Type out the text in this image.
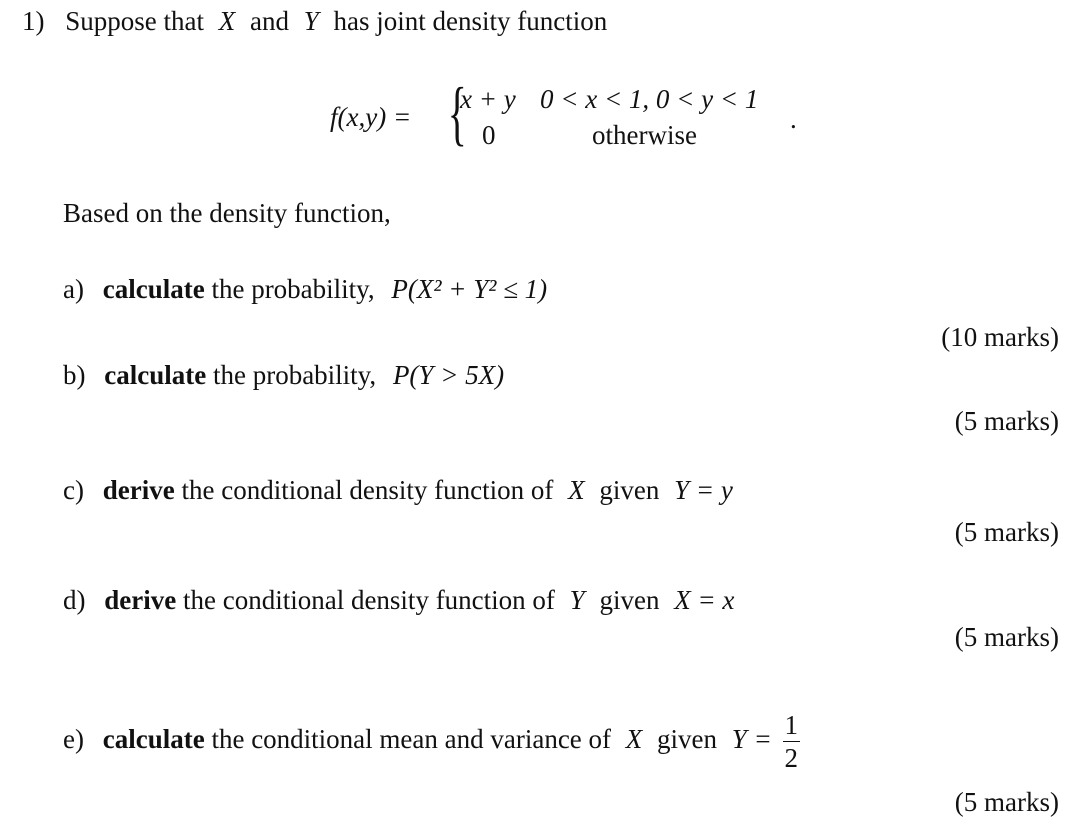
1) Suppose that X and Y has joint density function
f(x,y) = {
x + y 0 < x < 1, 0 < y < 1
0	otherwise
.
Based on the density function,
a) calculate the probability, P(X² + Y² ≤ 1)
(10 marks)
b) calculate the probability, P(Y > 5X)
(5 marks)
c) derive the conditional density function of X given Y = y
(5 marks)
d) derive the conditional density function of Y given X = x
(5 marks)
e) calculate the conditional mean and variance of X given $Y = \frac{1}{2}$
(5 marks)
